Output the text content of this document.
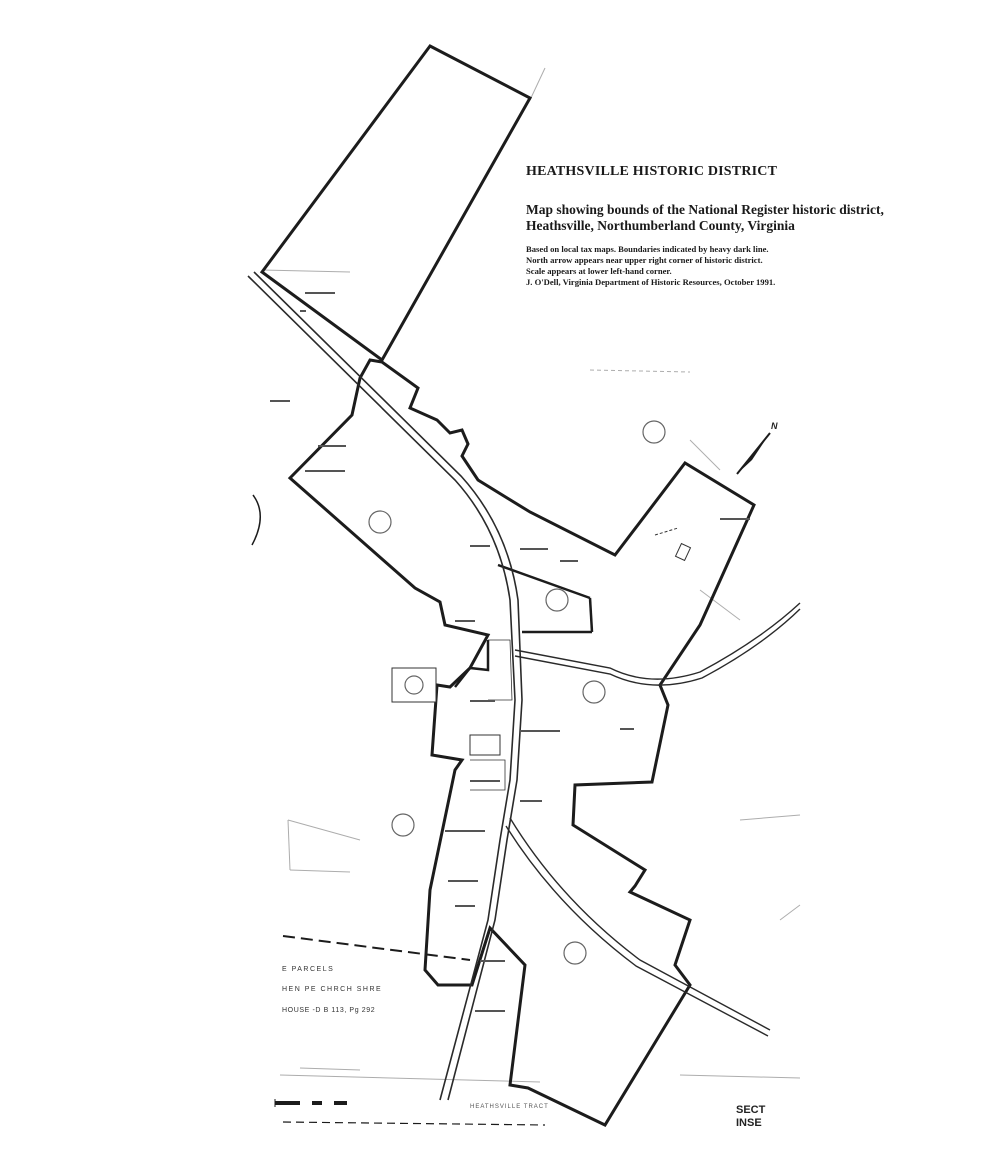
HEATHSVILLE HISTORIC DISTRICT
Map showing bounds of the National Register historic district, Heathsville, Northumberland County, Virginia
Based on local tax maps. Boundaries indicated by heavy dark line.
North arrow appears near upper right corner of historic district.
Scale appears at lower left-hand corner.
J. O'Dell, Virginia Department of Historic Resources, October 1991.
N
E PARCELS
HEN PE CHRCH SHRE
HOUSE -D B 113, Pg 292
HEATHSVILLE TRACT	SECT
INSE
